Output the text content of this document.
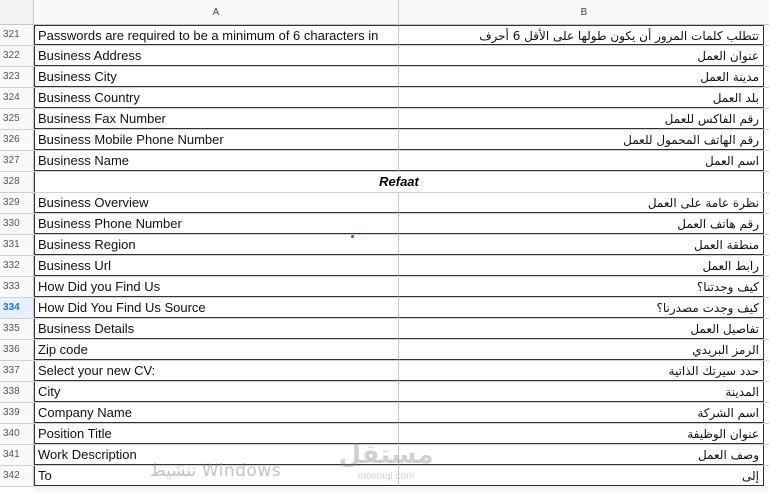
A	B
321	Passwords are required to be a minimum of 6 characters in	تتطلب كلمات المرور أن يكون طولها على الأقل 6 أحرف
322	Business Address	عنوان العمل
323	Business City	مدينة العمل
324	Business Country	بلد العمل
325	Business Fax Number	رقم الفاكس للعمل
326	Business Mobile Phone Number	رقم الهاتف المحمول للعمل
327	Business Name	اسم العمل
328	Refaat
329	Business Overview	نظرة عامة على العمل
330	Business Phone Number	رقم هاتف العمل
331	Business Region	منطقة العمل
332	Business Url	رابط العمل
333	How Did you Find Us	كيف وجدتنا؟
334	How Did You Find Us Source	كيف وجدت مصدرنا؟
335	Business Details	تفاصيل العمل
336	Zip code	الرمز البريدي
337	Select your new CV:	حدد سيرتك الذاتية
338	City	المدينة
339	Company Name	اسم الشركة
340	Position Title	عنوان الوظيفة
341	Work Description	وصف العمل
342	To	إلى
مستقل
mostaql.com
تنشيط Windows
